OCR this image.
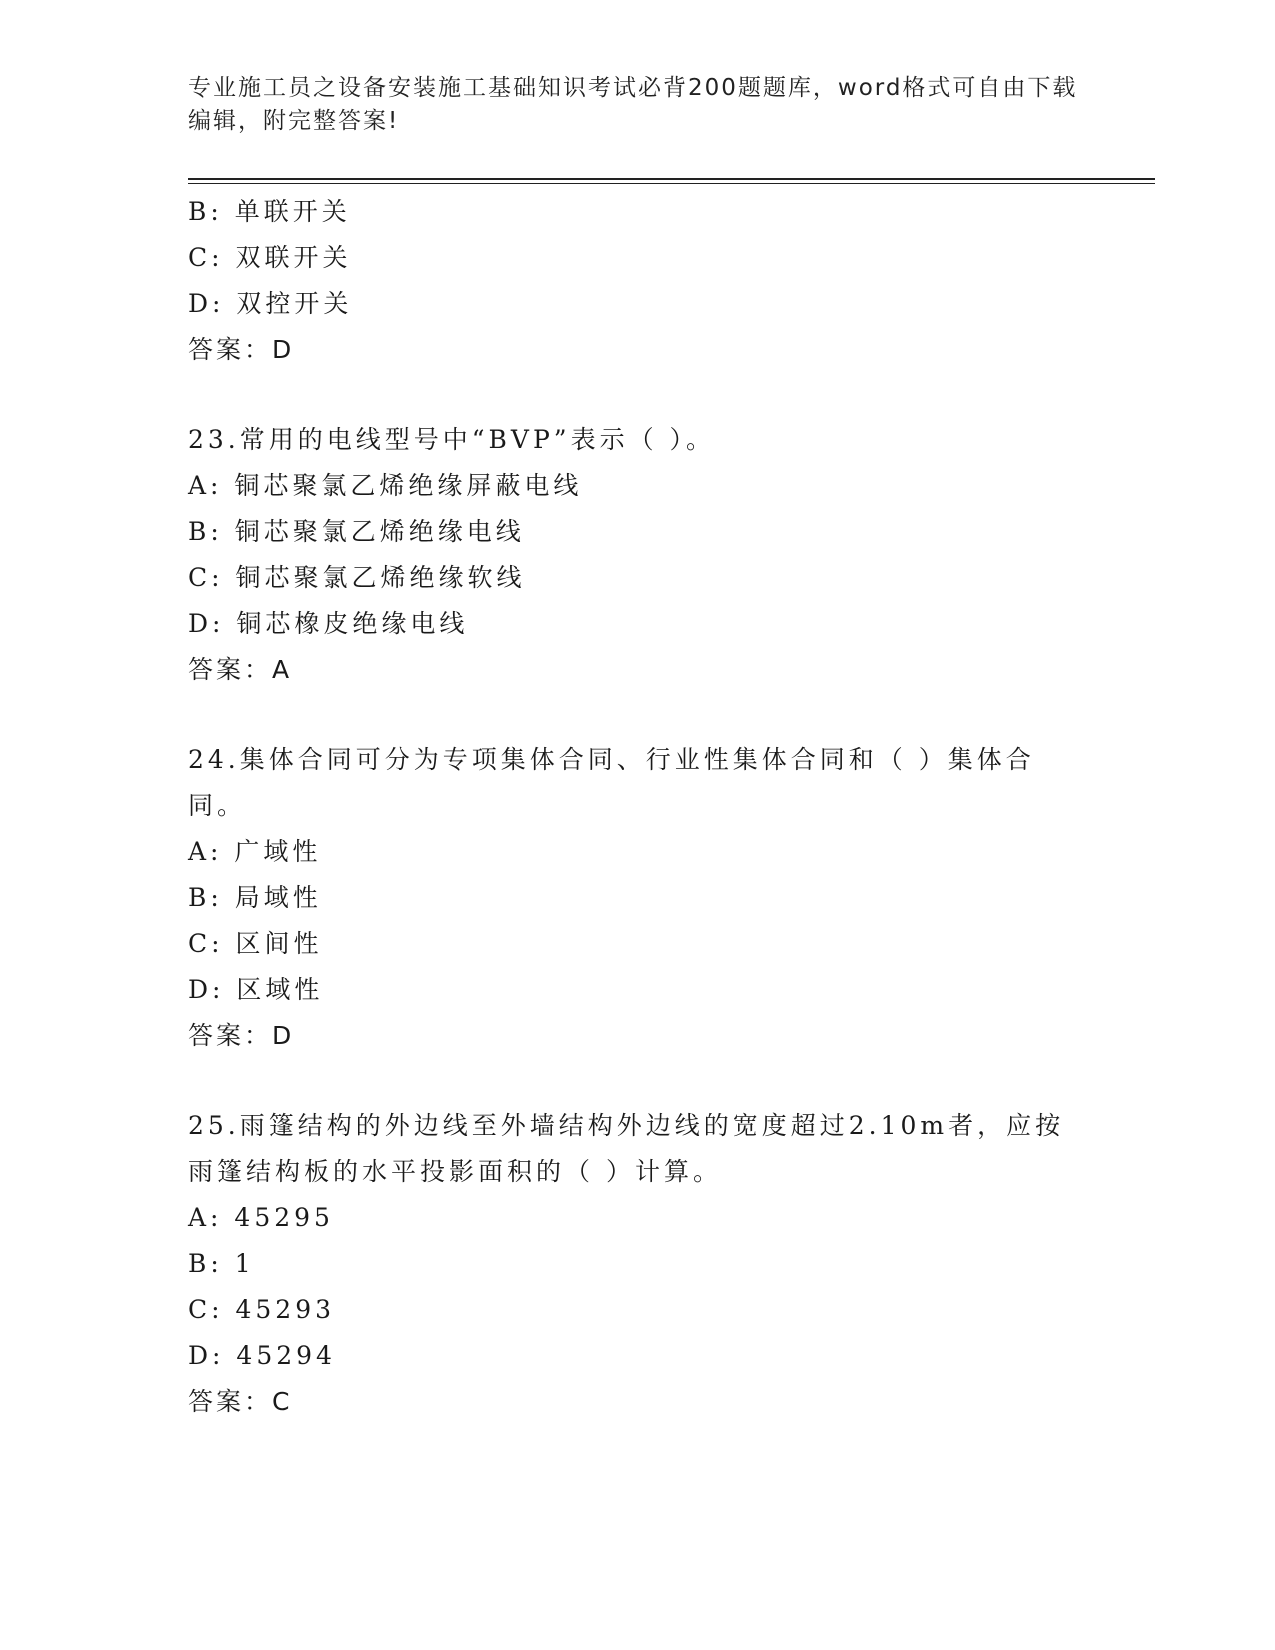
专业施工员之设备安装施工基础知识考试必背200题题库，word格式可自由下载编辑，附完整答案!
B: 单联开关
C: 双联开关
D: 双控开关
答案：D
23.常用的电线型号中“BVP”表示（ ）。
A: 铜芯聚氯乙烯绝缘屏蔽电线
B: 铜芯聚氯乙烯绝缘电线
C: 铜芯聚氯乙烯绝缘软线
D: 铜芯橡皮绝缘电线
答案：A
24.集体合同可分为专项集体合同、行业性集体合同和（ ）集体合同。
A: 广域性
B: 局域性
C: 区间性
D: 区域性
答案：D
25.雨篷结构的外边线至外墙结构外边线的宽度超过2.10m者，应按雨篷结构板的水平投影面积的（ ）计算。
A: 45295
B: 1
C: 45293
D: 45294
答案：C
